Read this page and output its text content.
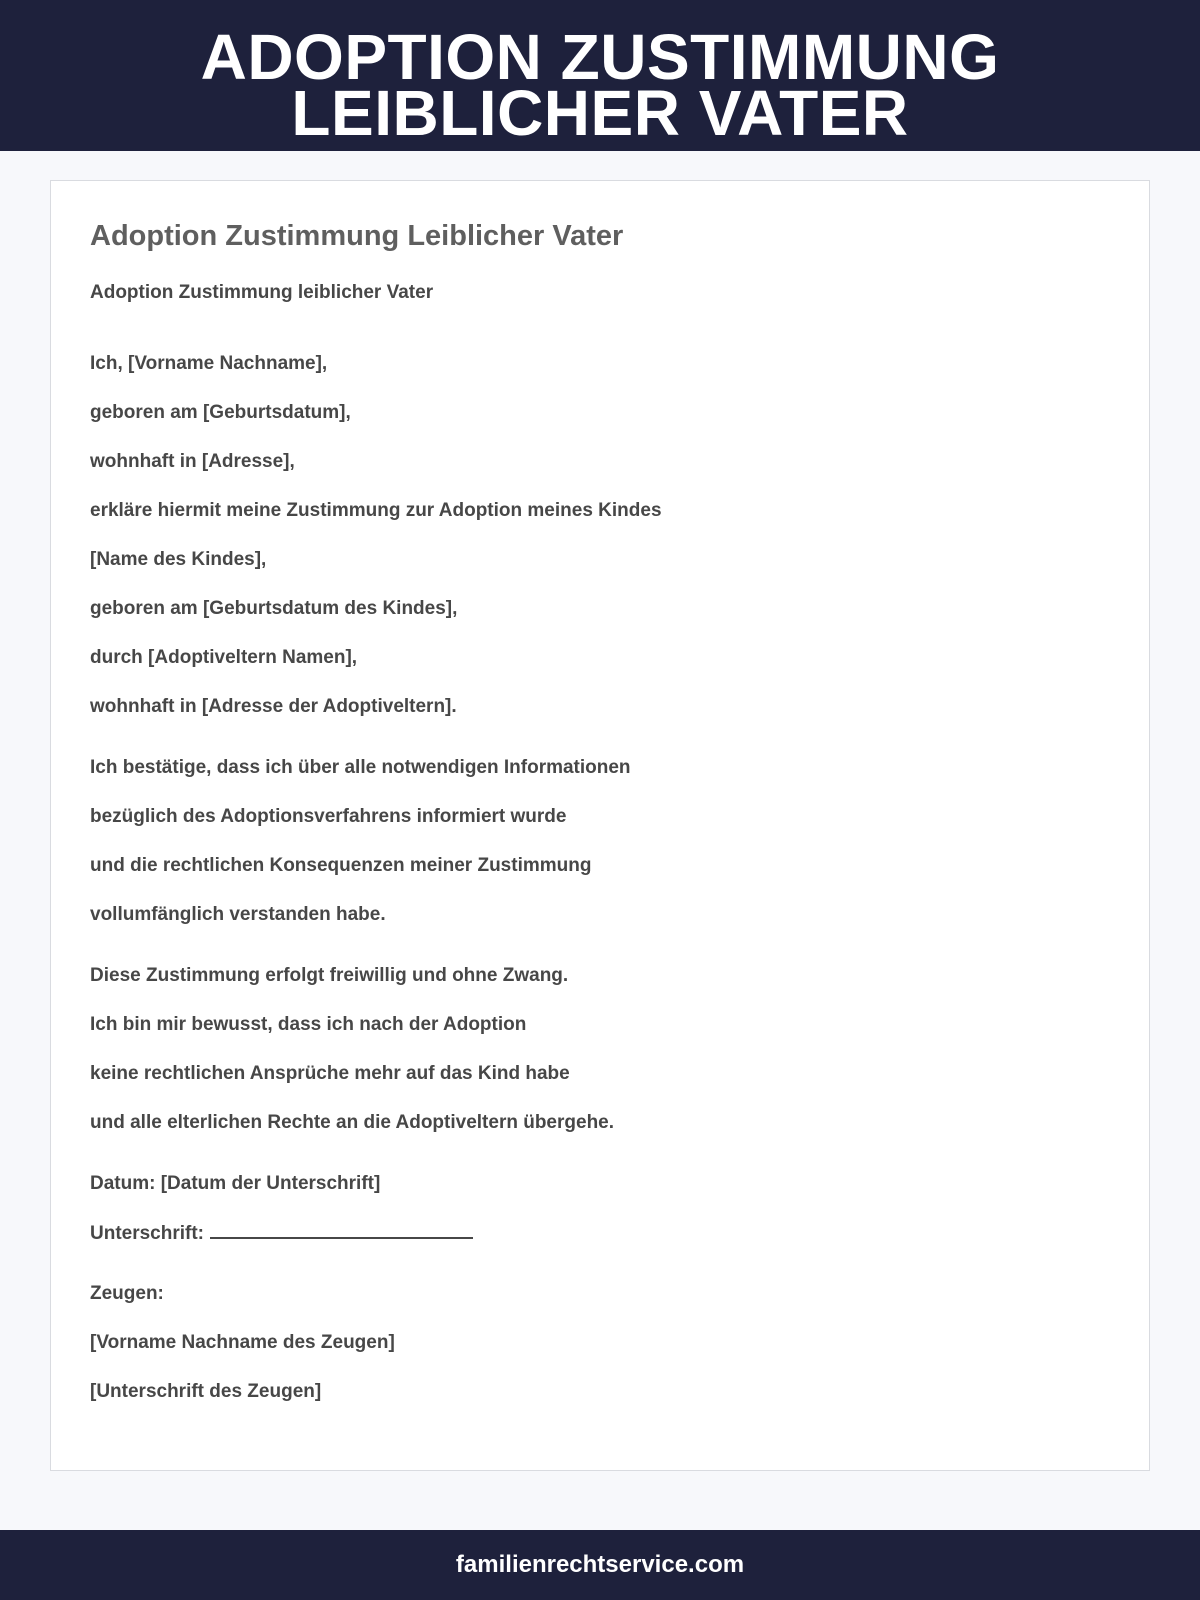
ADOPTION ZUSTIMMUNG
LEIBLICHER VATER
Adoption Zustimmung Leiblicher Vater

Adoption Zustimmung leiblicher Vater

Ich, [Vorname Nachname],

geboren am [Geburtsdatum],

wohnhaft in [Adresse],

erkläre hiermit meine Zustimmung zur Adoption meines Kindes

[Name des Kindes],

geboren am [Geburtsdatum des Kindes],

durch [Adoptiveltern Namen],

wohnhaft in [Adresse der Adoptiveltern].

Ich bestätige, dass ich über alle notwendigen Informationen

bezüglich des Adoptionsverfahrens informiert wurde

und die rechtlichen Konsequenzen meiner Zustimmung

vollumfänglich verstanden habe.

Diese Zustimmung erfolgt freiwillig und ohne Zwang.

Ich bin mir bewusst, dass ich nach der Adoption

keine rechtlichen Ansprüche mehr auf das Kind habe

und alle elterlichen Rechte an die Adoptiveltern übergehe.

Datum: [Datum der Unterschrift]

Unterschrift:

Zeugen:

[Vorname Nachname des Zeugen]

[Unterschrift des Zeugen]

familienrechtservice.com
